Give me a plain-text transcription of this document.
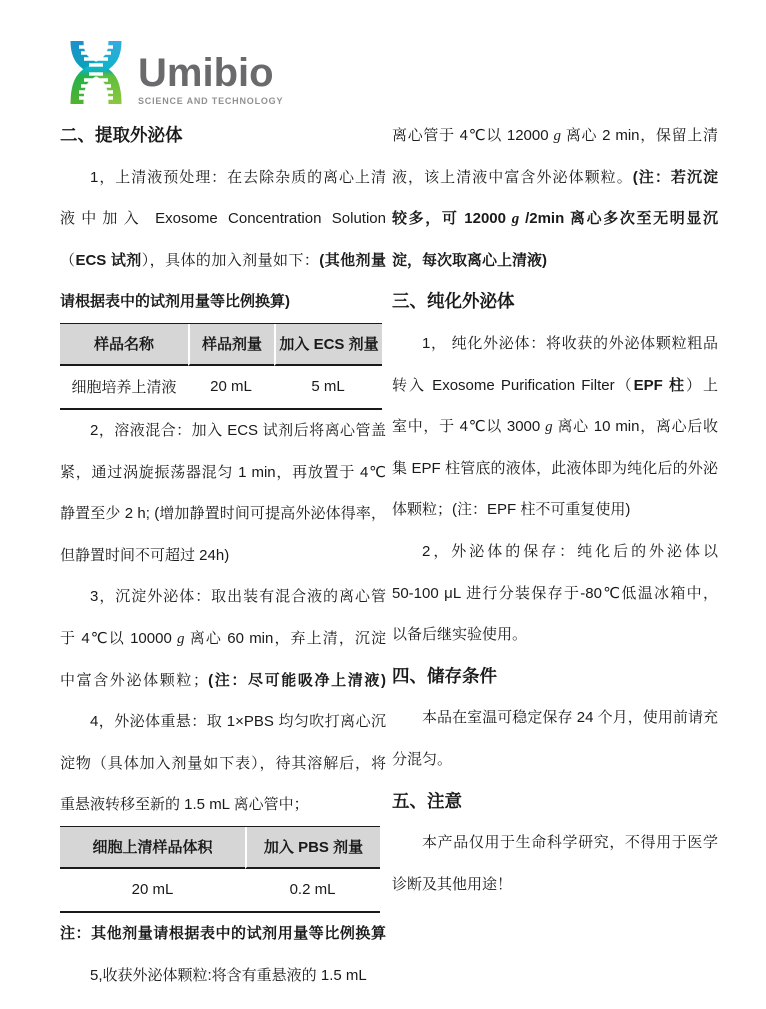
Umibio
SCIENCE AND TECHNOLOGY
二、提取外泌体
1，上清液预处理：在去除杂质的离心上清
液中加入 Exosome Concentration Solution
（ECS 试剂），具体的加入剂量如下：(其他剂量
请根据表中的试剂用量等比例换算)
样品名称	样品剂量	加入 ECS 剂量
细胞培养上清液	20 mL	5 mL
2，溶液混合：加入 ECS 试剂后将离心管盖
紧，通过涡旋振荡器混匀 1 min，再放置于 4℃
静置至少 2 h; (增加静置时间可提高外泌体得率，
但静置时间不可超过 24h)
3，沉淀外泌体：取出装有混合液的离心管
于 4℃以 10000 g 离心 60 min，弃上清，沉淀
中富含外泌体颗粒；(注：尽可能吸净上清液)
4，外泌体重悬：取 1×PBS 均匀吹打离心沉
淀物（具体加入剂量如下表），待其溶解后，将
重悬液转移至新的 1.5 mL 离心管中；
细胞上清样品体积	加入 PBS 剂量
20 mL	0.2 mL
注：其他剂量请根据表中的试剂用量等比例换算
5,收获外泌体颗粒:将含有重悬液的 1.5 mL
离心管于 4℃以 12000 g 离心 2 min，保留上清
液，该上清液中富含外泌体颗粒。(注：若沉淀
较多，可 12000 g /2min 离心多次至无明显沉
淀，每次取离心上清液)
三、纯化外泌体
1， 纯化外泌体：将收获的外泌体颗粒粗品
转入 Exosome Purification Filter（EPF 柱）上
室中，于 4℃以 3000 g 离心 10 min，离心后收
集 EPF 柱管底的液体，此液体即为纯化后的外泌
体颗粒；(注：EPF 柱不可重复使用)
2，外泌体的保存：纯化后的外泌体以
50-100 μL 进行分装保存于-80℃低温冰箱中，
以备后继实验使用。
四、储存条件
本品在室温可稳定保存 24 个月，使用前请充
分混匀。
五、注意
本产品仅用于生命科学研究，不得用于医学
诊断及其他用途！
